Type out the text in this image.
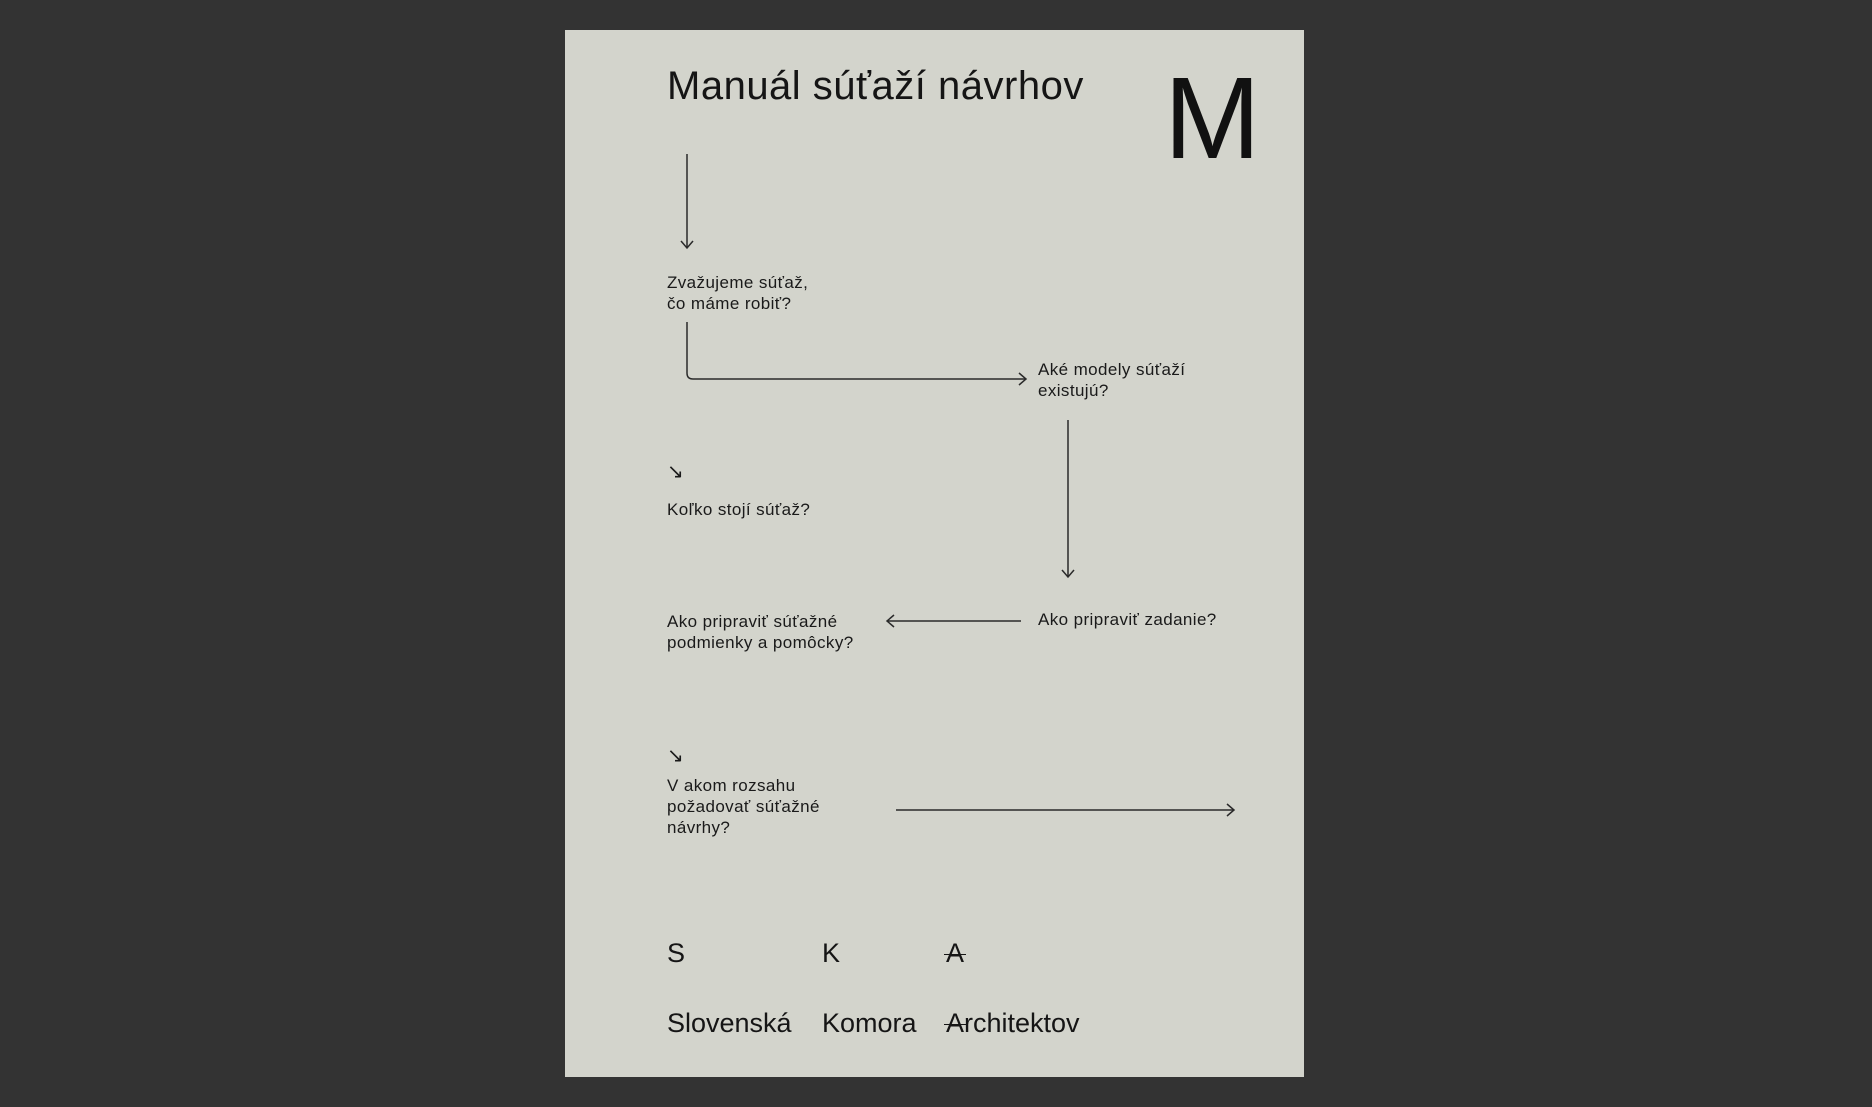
Manuál súťaží návrhov M
Zvažujeme súťaž,
čo máme robiť?
Aké modely súťaží
existujú?
↘
Koľko stojí súťaž?
Ako pripraviť zadanie?
Ako pripraviť súťažné
podmienky a pomôcky?
↘
V akom rozsahu
požadovať súťažné
návrhy?
S	K	A
Slovenská Komora Architektov
